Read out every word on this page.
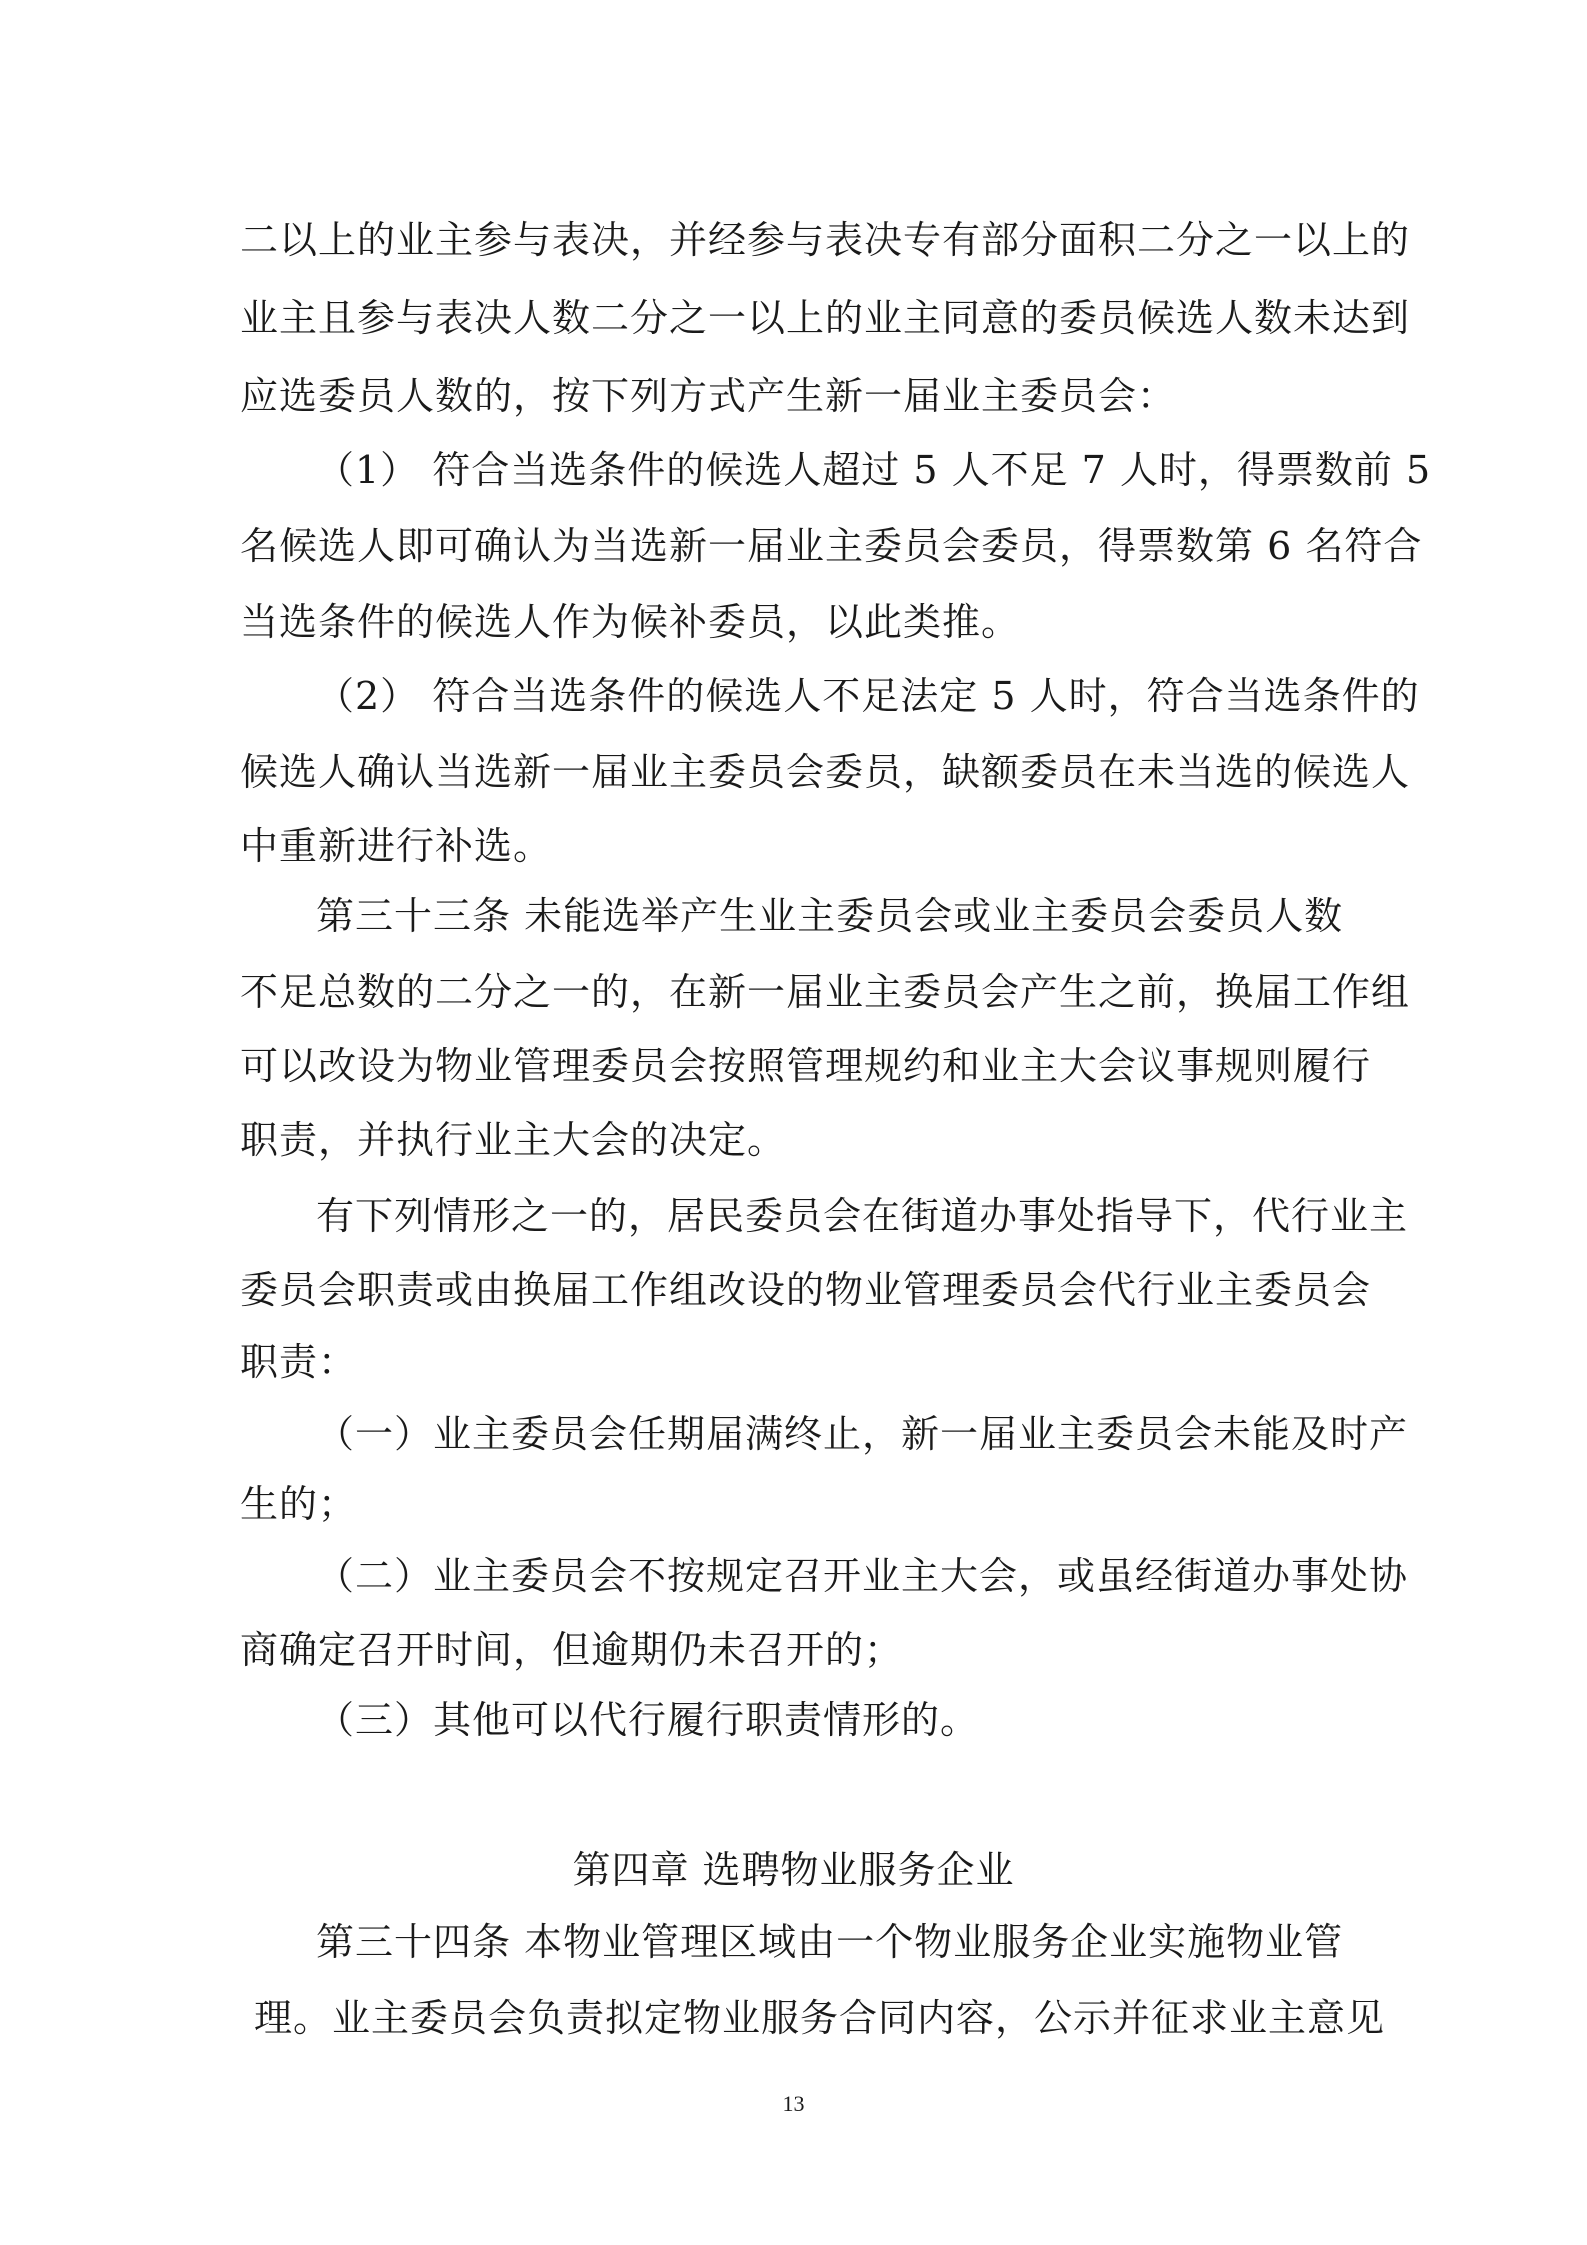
二以上的业主参与表决，并经参与表决专有部分面积二分之一以上的
业主且参与表决人数二分之一以上的业主同意的委员候选人数未达到
应选委员人数的，按下列方式产生新一届业主委员会：
（1） 符合当选条件的候选人超过 5 人不足 7 人时，得票数前 5
名候选人即可确认为当选新一届业主委员会委员，得票数第 6 名符合
当选条件的候选人作为候补委员，以此类推。
（2） 符合当选条件的候选人不足法定 5 人时，符合当选条件的
候选人确认当选新一届业主委员会委员，缺额委员在未当选的候选人
中重新进行补选。
第三十三条 未能选举产生业主委员会或业主委员会委员人数
不足总数的二分之一的，在新一届业主委员会产生之前，换届工作组
可以改设为物业管理委员会按照管理规约和业主大会议事规则履行
职责，并执行业主大会的决定。
有下列情形之一的，居民委员会在街道办事处指导下，代行业主
委员会职责或由换届工作组改设的物业管理委员会代行业主委员会
职责：
（一）业主委员会任期届满终止，新一届业主委员会未能及时产
生的；
（二）业主委员会不按规定召开业主大会，或虽经街道办事处协
商确定召开时间，但逾期仍未召开的；
（三）其他可以代行履行职责情形的。
第四章 选聘物业服务企业
第三十四条 本物业管理区域由一个物业服务企业实施物业管
理。业主委员会负责拟定物业服务合同内容，公示并征求业主意见
13
